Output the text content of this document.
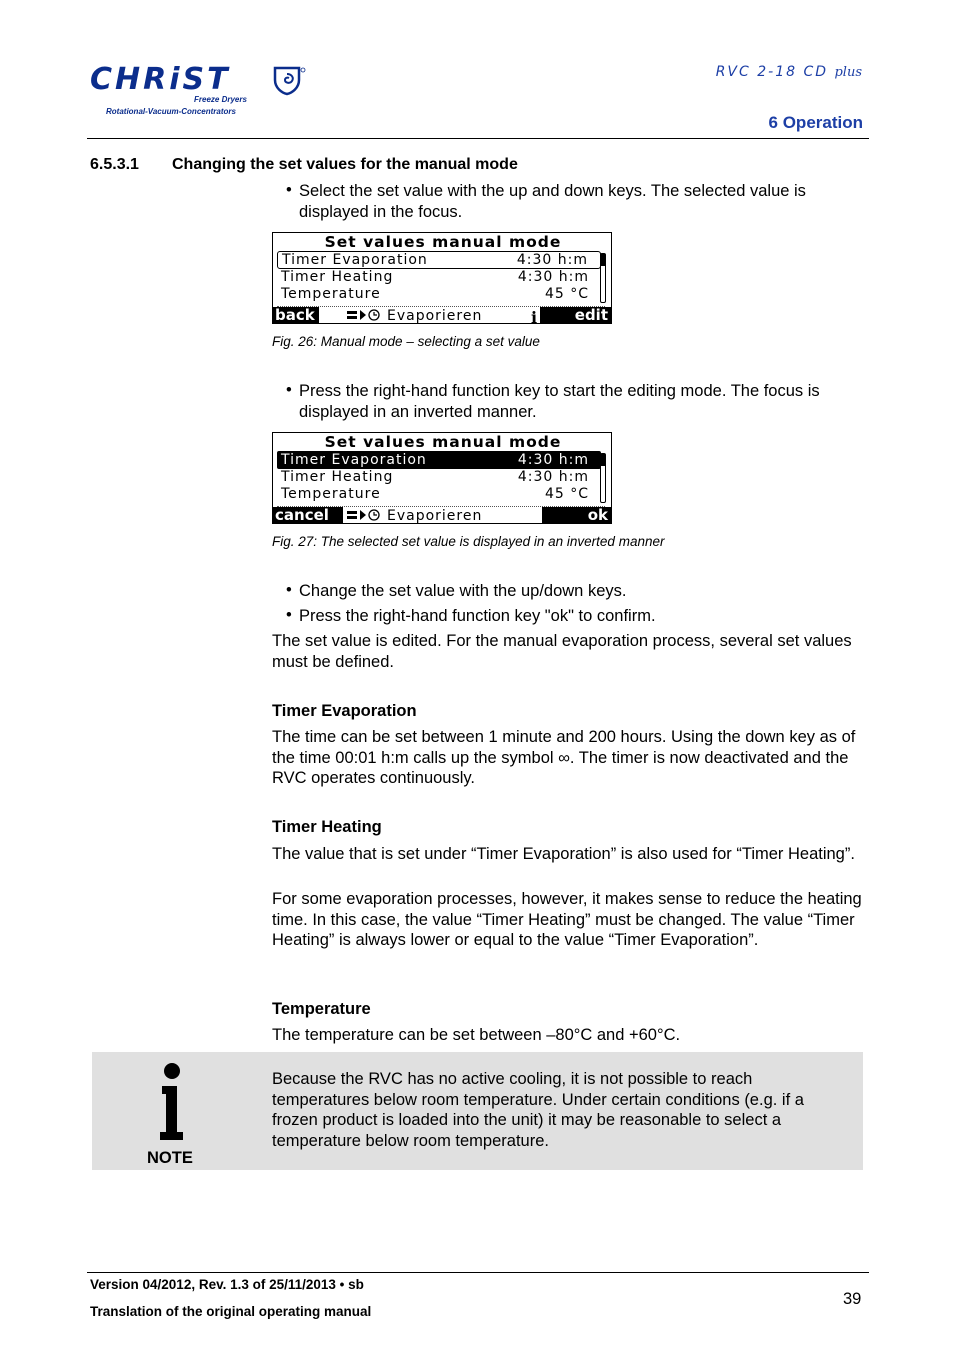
CHRiST
Freeze Dryers
Rotational-Vacuum-Concentrators
RVC 2-18 CD plus
6 Operation
6.5.3.1 Changing the set values for the manual mode
• Select the set value with the up and down keys. The selected value is displayed in the focus.
Set values manual mode
Timer Evaporation	4:30 h:m
Timer Heating	4:30 h:m
Temperature	45 °C
back	Evaporieren	i	edit
Fig. 26: Manual mode – selecting a set value
• Press the right-hand function key to start the editing mode. The focus is displayed in an inverted manner.
Set values manual mode
Timer Evaporation	4:30 h:m
Timer Heating	4:30 h:m
Temperature	45 °C
cancel	Evaporieren	ok
Fig. 27: The selected set value is displayed in an inverted manner
• Change the set value with the up/down keys.
• Press the right-hand function key "ok" to confirm.
The set value is edited. For the manual evaporation process, several set values must be defined.
Timer Evaporation
The time can be set between 1 minute and 200 hours. Using the down key as of the time 00:01 h:m calls up the symbol ∞. The timer is now deactivated and the RVC operates continuously.
Timer Heating
The value that is set under “Timer Evaporation” is also used for “Timer Heating”.
For some evaporation processes, however, it makes sense to reduce the heating time. In this case, the value “Timer Heating” must be changed. The value “Timer Heating” is always lower or equal to the value “Timer Evaporation”.
Temperature
The temperature can be set between –80°C and +60°C.
NOTE
Because the RVC has no active cooling, it is not possible to reach temperatures below room temperature. Under certain conditions (e.g. if a frozen product is loaded into the unit) it may be reasonable to select a temperature below room temperature.
Version 04/2012, Rev. 1.3 of 25/11/2013 • sb
Translation of the original operating manual
39
